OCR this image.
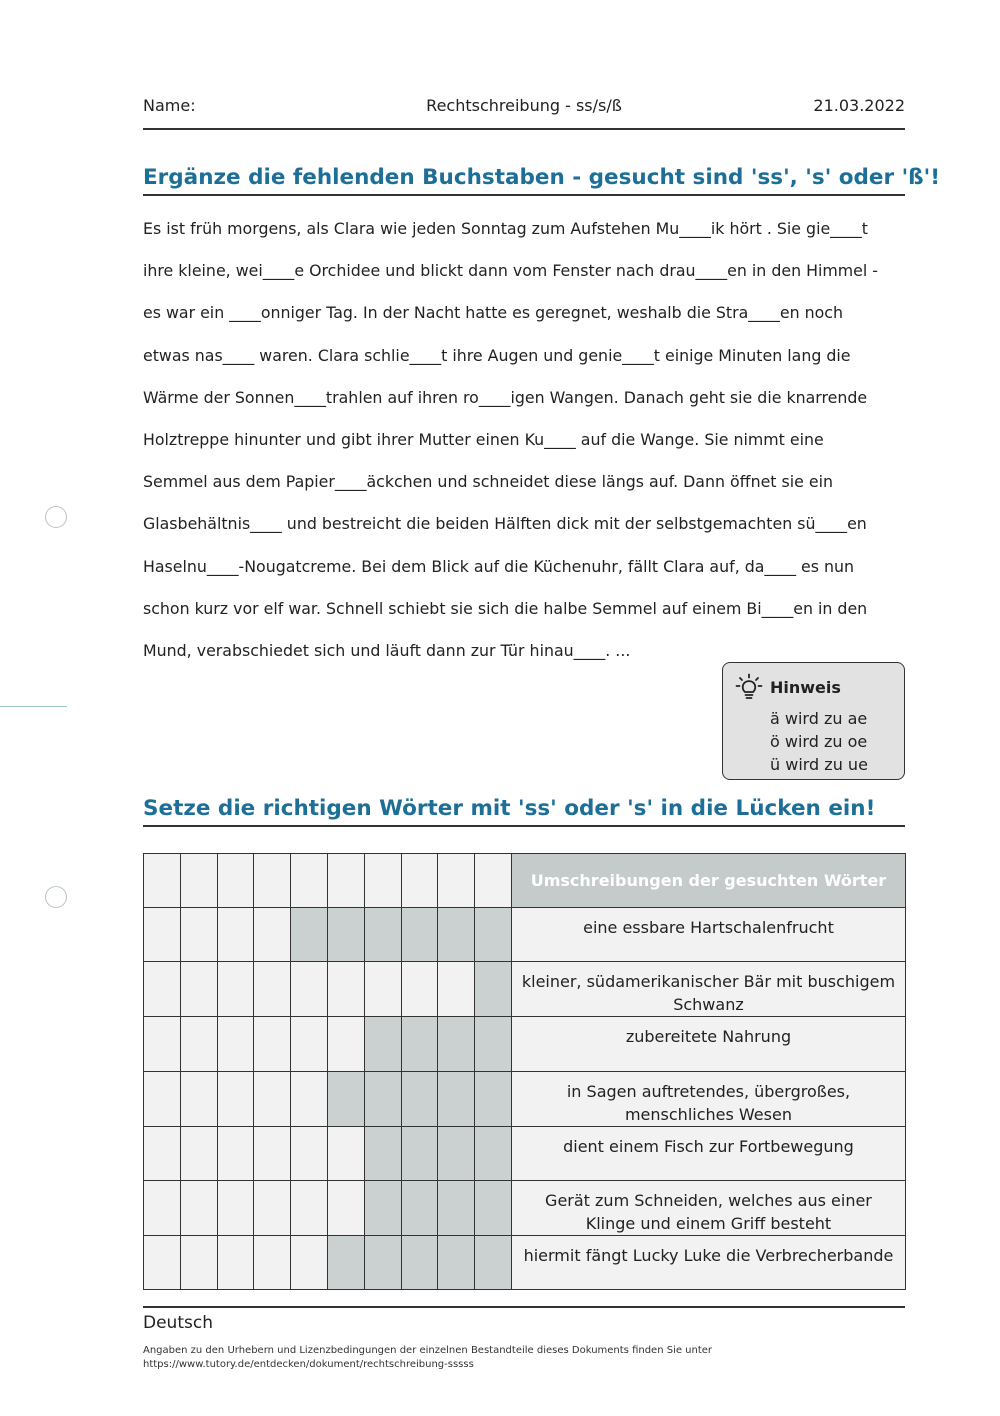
Name:	Rechtschreibung - ss/s/ß	21.03.2022
Ergänze die fehlenden Buchstaben - gesucht sind 'ss', 's' oder 'ß'!
Es ist früh morgens, als Clara wie jeden Sonntag zum Aufstehen Mu____ik hört . Sie gie____t
ihre kleine, wei____e Orchidee und blickt dann vom Fenster nach drau____en in den Himmel -
es war ein ____onniger Tag. In der Nacht hatte es geregnet, weshalb die Stra____en noch
etwas nas____ waren. Clara schlie____t ihre Augen und genie____t einige Minuten lang die
Wärme der Sonnen____trahlen auf ihren ro____igen Wangen. Danach geht sie die knarrende
Holztreppe hinunter und gibt ihrer Mutter einen Ku____ auf die Wange. Sie nimmt eine
Semmel aus dem Papier____äckchen und schneidet diese längs auf. Dann öffnet sie ein
Glasbehältnis____ und bestreicht die beiden Hälften dick mit der selbstgemachten sü____en
Haselnu____-Nougatcreme. Bei dem Blick auf die Küchenuhr, fällt Clara auf, da____ es nun
schon kurz vor elf war. Schnell schiebt sie sich die halbe Semmel auf einem Bi____en in den
Mund, verabschiedet sich und läuft dann zur Tür hinau____. ...
Hinweis
ä wird zu ae
ö wird zu oe
ü wird zu ue
Setze die richtigen Wörter mit 'ss' oder 's' in die Lücken ein!
										Umschreibungen der gesuchten Wörter
										eine essbare Hartschalenfrucht
										kleiner, südamerikanischer Bär mit buschigem Schwanz
										zubereitete Nahrung
										in Sagen auftretendes, übergroßes, menschliches Wesen
										dient einem Fisch zur Fortbewegung
										Gerät zum Schneiden, welches aus einer Klinge und einem Griff besteht
										hiermit fängt Lucky Luke die Verbrecherbande
Deutsch
Angaben zu den Urhebern und Lizenzbedingungen der einzelnen Bestandteile dieses Dokuments finden Sie unter
https://www.tutory.de/entdecken/dokument/rechtschreibung-sssss
